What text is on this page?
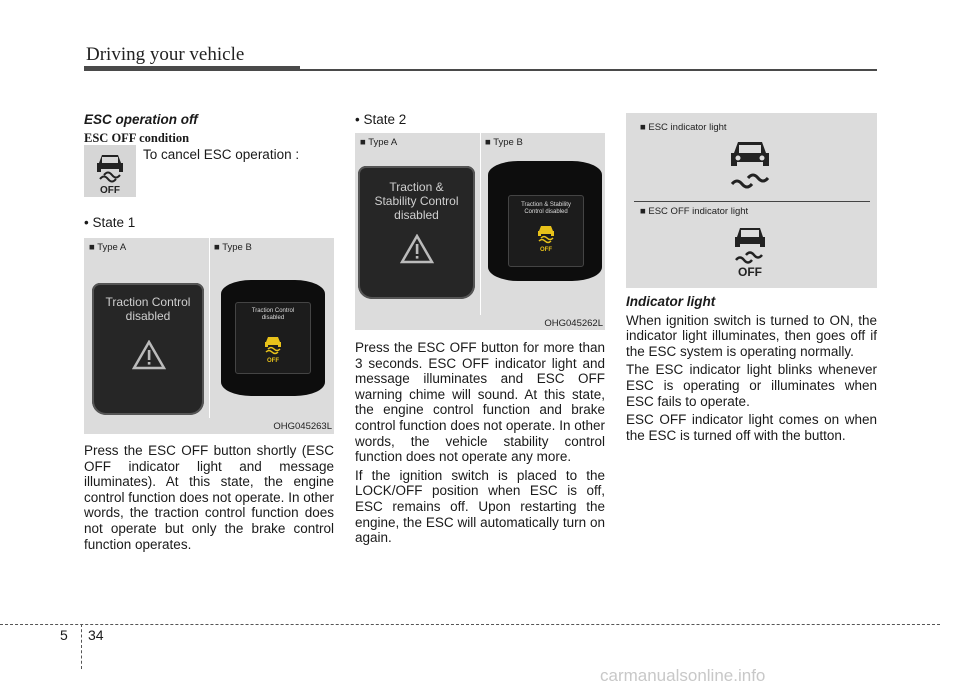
Driving your vehicle
ESC operation off
ESC OFF condition
OFF
To cancel ESC operation :
• State 1
■ Type A	■ Type B
Traction Control
disabled	Traction Control
disabled
OFF
OHG045263L

Press the ESC OFF button shortly (ESC OFF indicator light and message illuminates). At this state, the engine control function does not operate. In other words, the traction control function does not operate but only the brake control function operates.

• State 2
■ Type A	■ Type B
Traction &
Stability Control
disabled
Traction & Stability
Control disabled
OFF
OHG045262L

Press the ESC OFF button for more than 3 seconds. ESC OFF indicator light and message illuminates and ESC OFF warning chime will sound. At this state, the engine control function and brake control function does not operate. In other words, the vehicle stability control function does not operate any more.

If the ignition switch is placed to the LOCK/OFF position when ESC is off, ESC remains off. Upon restarting the engine, the ESC will automatically turn on again.

■ ESC indicator light
■ ESC OFF indicator light
OFF
Indicator light

When ignition switch is turned to ON, the indicator light illuminates, then goes off if the ESC system is operating normally.

The ESC indicator light blinks whenever ESC is operating or illuminates when ESC fails to operate.

ESC OFF indicator light comes on when the ESC is turned off with the button.

5 34
carmanualsonline.info
